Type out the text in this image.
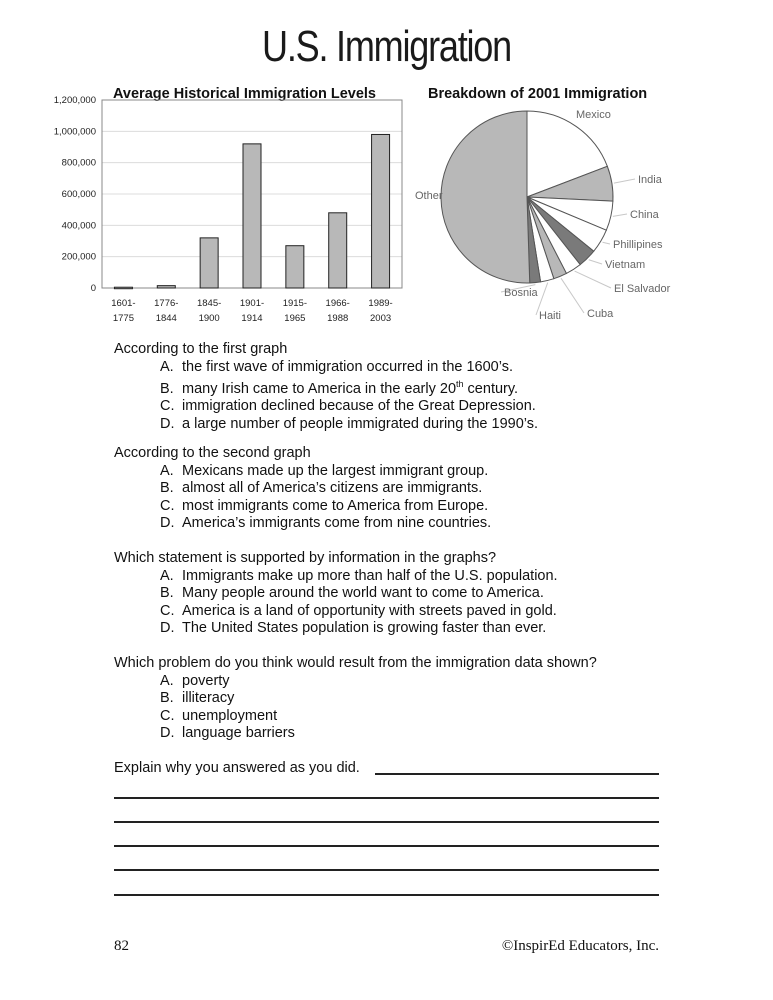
U.S. Immigration
Average Historical Immigration Levels
0
200,000
400,000
600,000
800,000
1,000,000
1,200,000
1601-
1775
1776-
1844
1845-
1900
1901-
1914
1915-
1965
1966-
1988
1989-
2003
Breakdown of 2001 Immigration
Mexico
India
China
Phillipines
Vietnam
El Salvador
Cuba
Haiti
Bosnia
Other

According to the first graph

A. the first wave of immigration occurred in the 1600’s.
B. many Irish came to America in the early 20th century.
C. immigration declined because of the Great Depression.
D. a large number of people immigrated during the 1990’s.

According to the second graph

A. Mexicans made up the largest immigrant group.
B. almost all of America’s citizens are immigrants.
C. most immigrants come to America from Europe.
D. America’s immigrants come from nine countries.

Which statement is supported by information in the graphs?

A. Immigrants make up more than half of the U.S. population.
B. Many people around the world want to come to America.
C. America is a land of opportunity with streets paved in gold.
D. The United States population is growing faster than ever.

Which problem do you think would result from the immigration data shown?

A. poverty
B. illiteracy
C. unemployment
D. language barriers
Explain why you answered as you did.
82	©InspirEd Educators, Inc.
